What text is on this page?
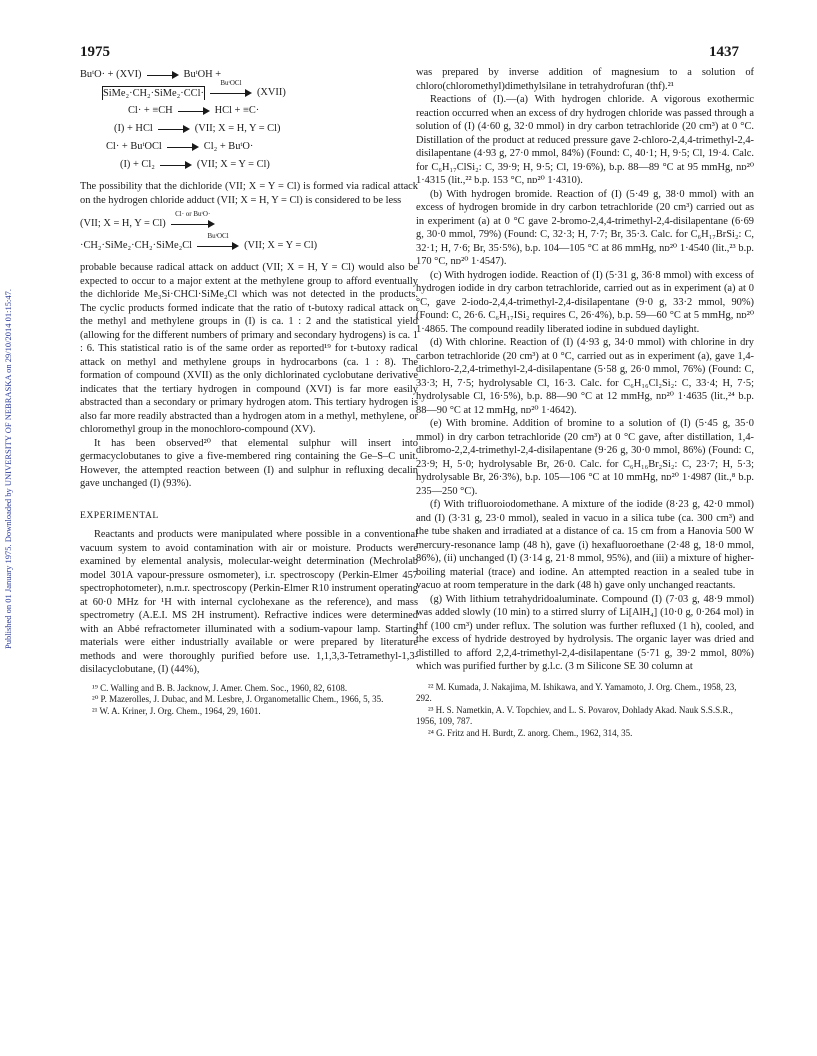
1975	1437
Published on 01 January 1975. Downloaded by UNIVERSITY OF NEBRASKA on 29/10/2014 01:15:47.
BuᵗO· + (XVI)	BuᵗOH +
SiMe₂·CH₂·SiMe₂·CCl·
BuᵗOCl
(XVII)
Cl· + ≡CH	HCl + ≡C·
(I) + HCl	(VII; X = H, Y = Cl)
Cl· + BuᵗOCl	Cl₂ + BuᵗO·
(I) + Cl₂	(VII; X = Y = Cl)

The possibility that the dichloride (VII; X = Y = Cl) is formed via radical attack on the hydrogen chloride adduct (VII; X = H, Y = Cl) is considered to be less

(VII; X = H, Y = Cl)
Cl· or BuᵗO·
·CH₂·SiMe₂·CH₂·SiMe₂Cl
BuᵗOCl
(VII; X = Y = Cl)

probable because radical attack on adduct (VII; X = H, Y = Cl) would also be expected to occur to a major extent at the methylene group to afford eventually the dichloride Me₃Si·CHCl·SiMe₂Cl which was not detected in the products. The cyclic products formed indicate that the ratio of t-butoxy radical attack on the methyl and methylene groups in (I) is ca. 1 : 2 and the statistical yield (allowing for the different numbers of primary and secondary hydrogens) is ca. 1 : 6. This statistical ratio is of the same order as reported¹⁹ for t-butoxy radical attack on methyl and methylene groups in hydrocarbons (ca. 1 : 8). The formation of compound (XVII) as the only dichlorinated cyclobutane derivative indicates that the tertiary hydrogen in compound (XVI) is far more easily abstracted than a secondary or primary hydrogen atom. This tertiary hydrogen is also far more readily abstracted than a hydrogen atom in a methyl, methylene, or chloromethyl group in the monochloro-compound (XV).

It has been observed²⁰ that elemental sulphur will insert into germacyclobutanes to give a five-membered ring containing the Ge–S–C unit. However, the attempted reaction between (I) and sulphur in refluxing decalin gave unchanged (I) (93%).

EXPERIMENTAL

Reactants and products were manipulated where possible in a conventional vacuum system to avoid contamination with air or moisture. Products were examined by elemental analysis, molecular-weight determination (Mechrolab model 301A vapour-pressure osmometer), i.r. spectroscopy (Perkin-Elmer 457 spectrophotometer), n.m.r. spectroscopy (Perkin-Elmer R10 instrument operating at 60·0 MHz for ¹H with internal cyclohexane as the reference), and mass spectrometry (A.E.I. MS 2H instrument). Refractive indices were determined with an Abbé refractometer illuminated with a sodium-vapour lamp. Starting materials were either industrially available or were prepared by literature methods and were thoroughly purified before use. 1,1,3,3-Tetramethyl-1,3-disilacyclobutane, (I) (44%),

¹⁹ C. Walling and B. B. Jacknow, J. Amer. Chem. Soc., 1960, 82, 6108.
²⁰ P. Mazerolles, J. Dubac, and M. Lesbre, J. Organometallic Chem., 1966, 5, 35.
²¹ W. A. Kriner, J. Org. Chem., 1964, 29, 1601.

was prepared by inverse addition of magnesium to a solution of chloro(chloromethyl)dimethylsilane in tetrahydrofuran (thf).²¹

Reactions of (I).—(a) With hydrogen chloride. A vigorous exothermic reaction occurred when an excess of dry hydrogen chloride was passed through a solution of (I) (4·60 g, 32·0 mmol) in dry carbon tetrachloride (20 cm³) at 0 °C. Distillation of the product at reduced pressure gave 2-chloro-2,4,4-trimethyl-2,4-disilapentane (4·93 g, 27·0 mmol, 84%) (Found: C, 40·1; H, 9·5; Cl, 19·4. Calc. for C₆H₁₇ClSi₂: C, 39·9; H, 9·5; Cl, 19·6%), b.p. 88—89 °C at 95 mmHg, nᴅ²⁰ 1·4315 (lit.,²² b.p. 153 °C, nᴅ²⁰ 1·4310).

(b) With hydrogen bromide. Reaction of (I) (5·49 g, 38·0 mmol) with an excess of hydrogen bromide in dry carbon tetrachloride (20 cm³) carried out as in experiment (a) at 0 °C gave 2-bromo-2,4,4-trimethyl-2,4-disilapentane (6·69 g, 30·0 mmol, 79%) (Found: C, 32·3; H, 7·7; Br, 35·3. Calc. for C₆H₁₇BrSi₂: C, 32·1; H, 7·6; Br, 35·5%), b.p. 104—105 °C at 86 mmHg, nᴅ²⁰ 1·4540 (lit.,²³ b.p. 170 °C, nᴅ²⁰ 1·4547).

(c) With hydrogen iodide. Reaction of (I) (5·31 g, 36·8 mmol) with excess of hydrogen iodide in dry carbon tetrachloride, carried out as in experiment (a) at 0 °C, gave 2-iodo-2,4,4-trimethyl-2,4-disilapentane (9·0 g, 33·2 mmol, 90%) (Found: C, 26·6. C₆H₁₇ISi₂ requires C, 26·4%), b.p. 59—60 °C at 5 mmHg, nᴅ²⁰ 1·4865. The compound readily liberated iodine in subdued daylight.

(d) With chlorine. Reaction of (I) (4·93 g, 34·0 mmol) with chlorine in dry carbon tetrachloride (20 cm³) at 0 °C, carried out as in experiment (a), gave 1,4-dichloro-2,2,4-trimethyl-2,4-disilapentane (5·58 g, 26·0 mmol, 76%) (Found: C, 33·3; H, 7·5; hydrolysable Cl, 16·3. Calc. for C₆H₁₆Cl₂Si₂: C, 33·4; H, 7·5; hydrolysable Cl, 16·5%), b.p. 88—90 °C at 12 mmHg, nᴅ²⁰ 1·4635 (lit.,²⁴ b.p. 88—90 °C at 12 mmHg, nᴅ²⁰ 1·4642).

(e) With bromine. Addition of bromine to a solution of (I) (5·45 g, 35·0 mmol) in dry carbon tetrachloride (20 cm³) at 0 °C gave, after distillation, 1,4-dibromo-2,2,4-trimethyl-2,4-disilapentane (9·26 g, 30·0 mmol, 86%) (Found: C, 23·9; H, 5·0; hydrolysable Br, 26·0. Calc. for C₆H₁₆Br₂Si₂: C, 23·7; H, 5·3; hydrolysable Br, 26·3%), b.p. 105—106 °C at 10 mmHg, nᴅ²⁰ 1·4987 (lit.,⁸ b.p. 235—250 °C).

(f) With trifluoroiodomethane. A mixture of the iodide (8·23 g, 42·0 mmol) and (I) (3·31 g, 23·0 mmol), sealed in vacuo in a silica tube (ca. 300 cm³) and the tube shaken and irradiated at a distance of ca. 15 cm from a Hanovia 500 W mercury-resonance lamp (48 h), gave (i) hexafluoroethane (2·48 g, 18·0 mmol, 86%), (ii) unchanged (I) (3·14 g, 21·8 mmol, 95%), and (iii) a mixture of higher-boiling material (trace) and iodine. An attempted reaction in a sealed tube in vacuo at room temperature in the dark (48 h) gave only unchanged reactants.

(g) With lithium tetrahydridoaluminate. Compound (I) (7·03 g, 48·9 mmol) was added slowly (10 min) to a stirred slurry of Li[AlH₄] (10·0 g, 0·264 mol) in thf (100 cm³) under reflux. The solution was further refluxed (1 h), cooled, and the excess of hydride destroyed by hydrolysis. The organic layer was dried and distilled to afford 2,2,4-trimethyl-2,4-disilapentane (5·71 g, 39·2 mmol, 80%) which was purified further by g.l.c. (3 m Silicone SE 30 column at

²² M. Kumada, J. Nakajima, M. Ishikawa, and Y. Yamamoto, J. Org. Chem., 1958, 23, 292.
²³ H. S. Nametkin, A. V. Topchiev, and L. S. Povarov, Dohlady Akad. Nauk S.S.S.R., 1956, 109, 787.
²⁴ G. Fritz and H. Burdt, Z. anorg. Chem., 1962, 314, 35.
